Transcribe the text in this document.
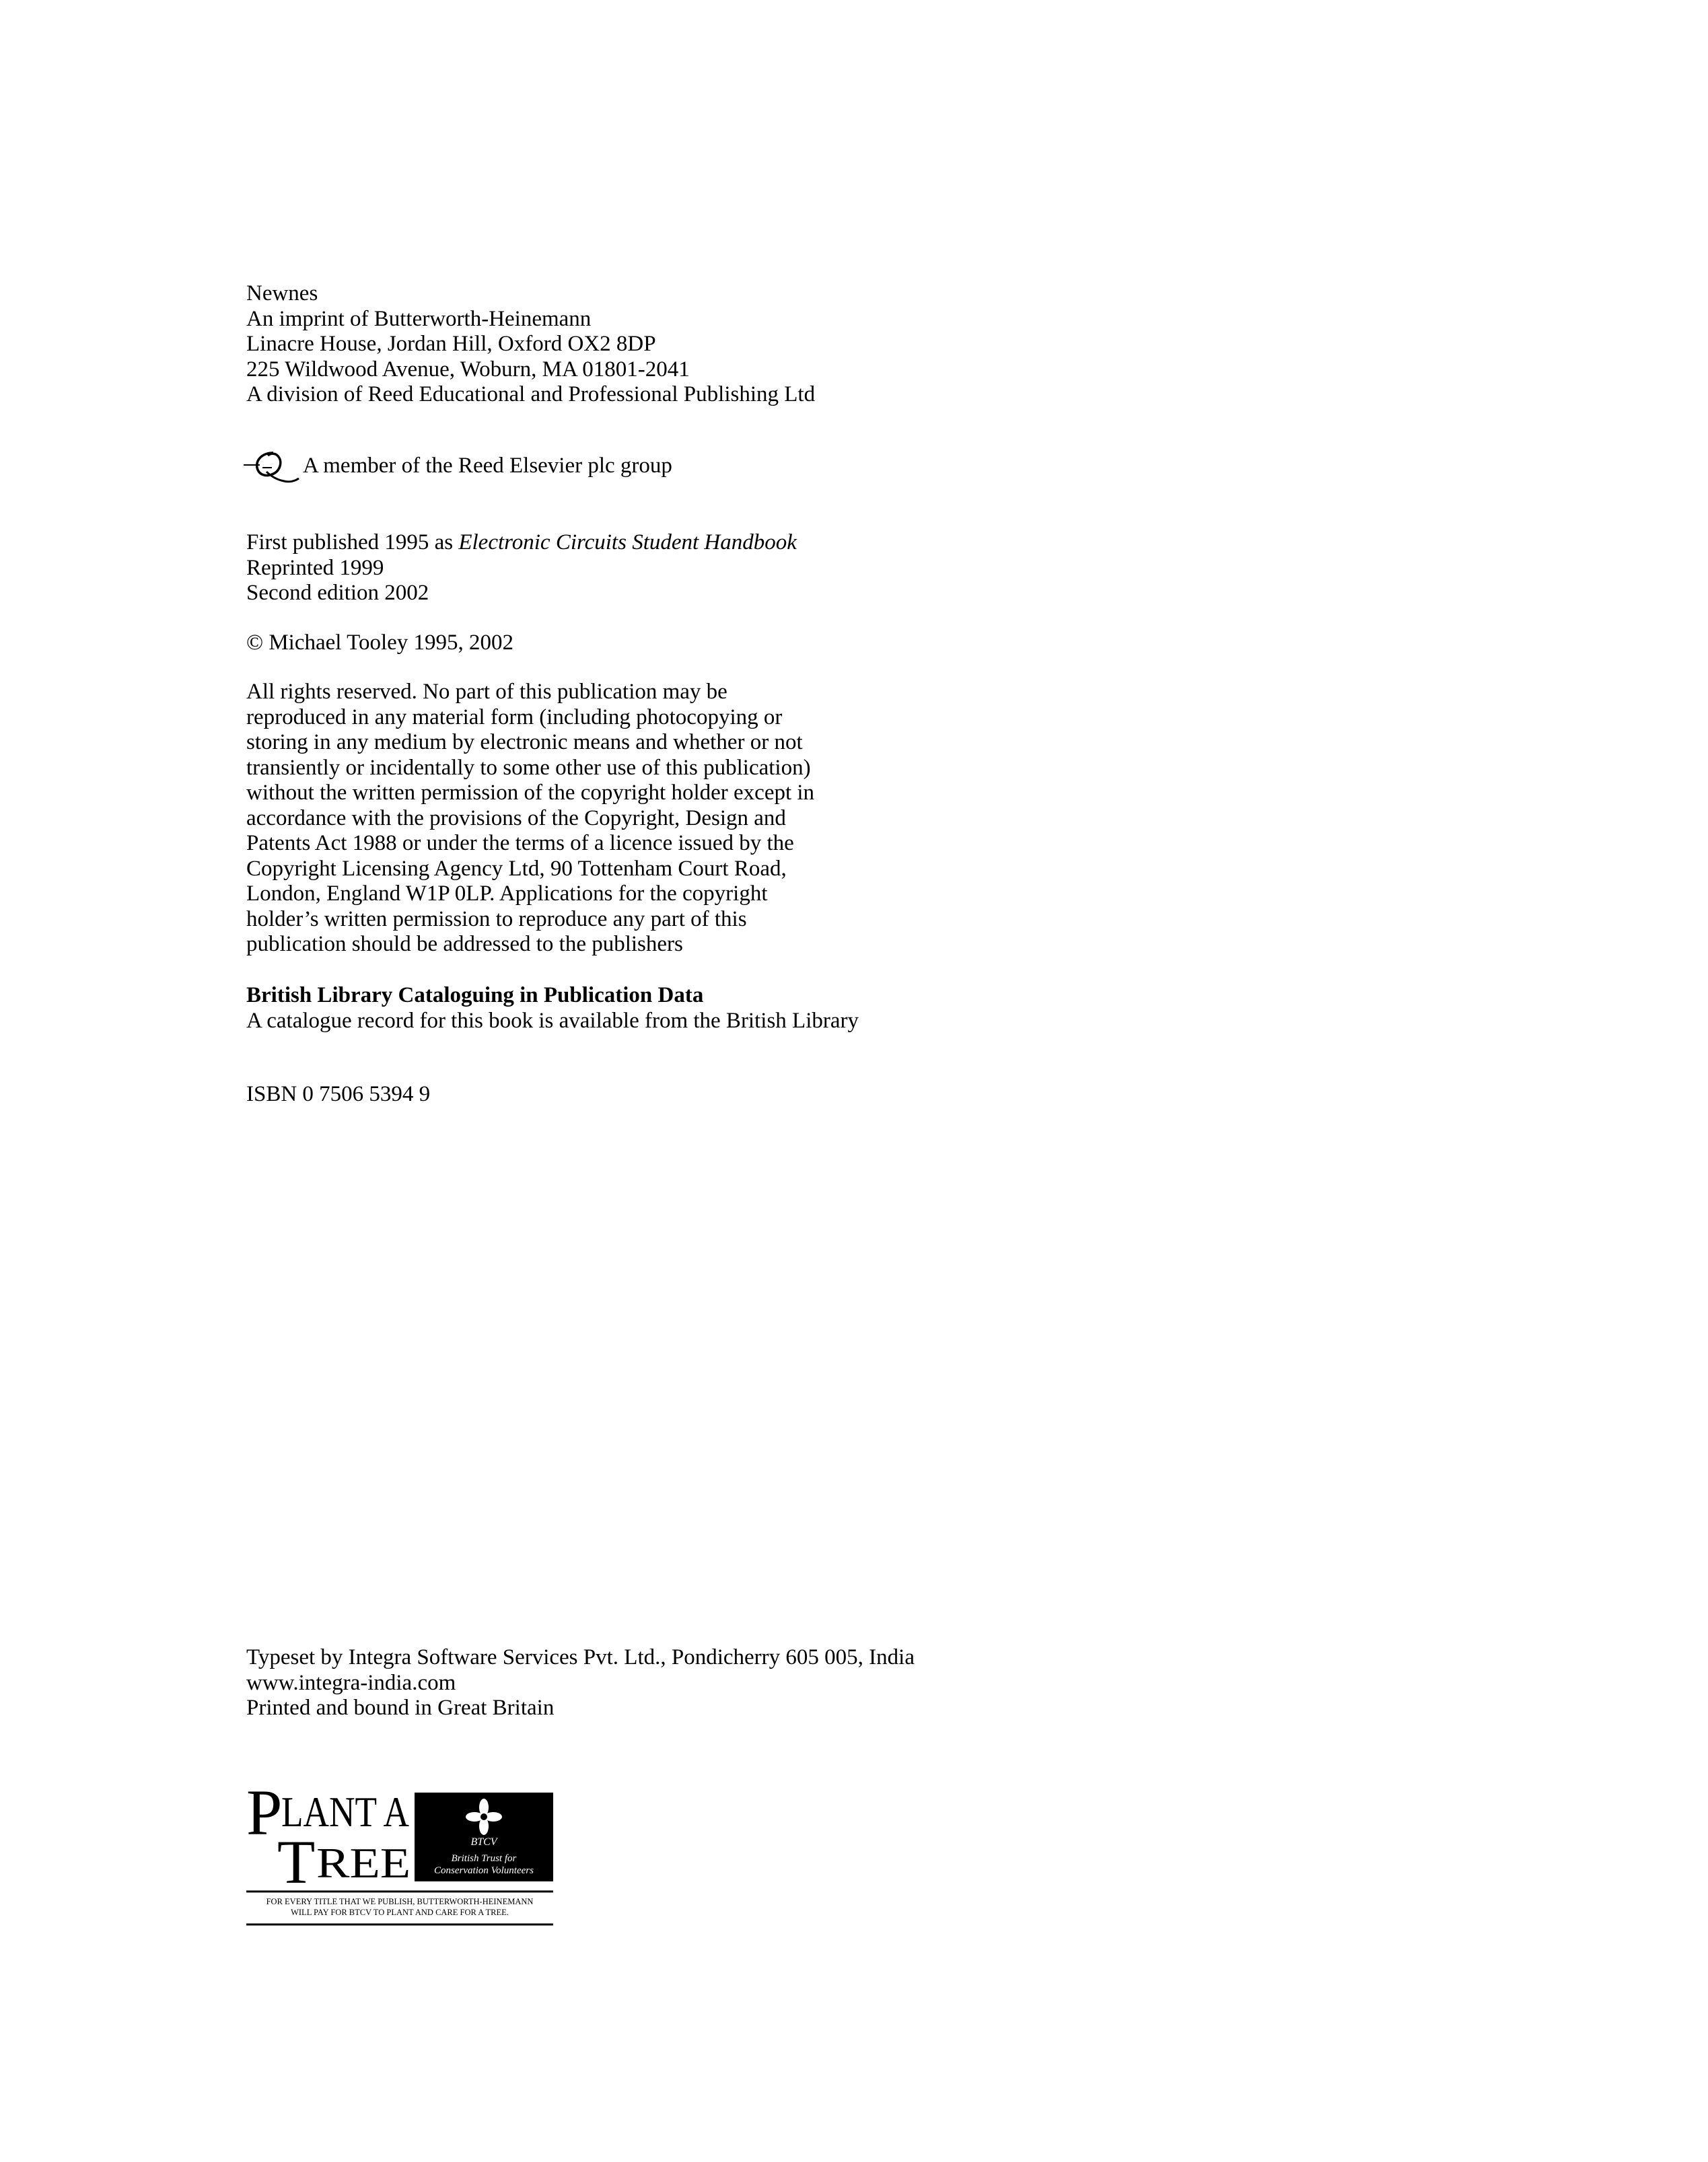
Newnes
An imprint of Butterworth-Heinemann
Linacre House, Jordan Hill, Oxford OX2 8DP
225 Wildwood Avenue, Woburn, MA 01801-2041
A division of Reed Educational and Professional Publishing Ltd
A member of the Reed Elsevier plc group
First published 1995 as Electronic Circuits Student Handbook
Reprinted 1999
Second edition 2002
© Michael Tooley 1995, 2002
All rights reserved. No part of this publication may be
reproduced in any material form (including photocopying or
storing in any medium by electronic means and whether or not
transiently or incidentally to some other use of this publication)
without the written permission of the copyright holder except in
accordance with the provisions of the Copyright, Design and
Patents Act 1988 or under the terms of a licence issued by the
Copyright Licensing Agency Ltd, 90 Tottenham Court Road,
London, England W1P 0LP. Applications for the copyright
holder’s written permission to reproduce any part of this
publication should be addressed to the publishers
British Library Cataloguing in Publication Data
A catalogue record for this book is available from the British Library
ISBN 0 7506 5394 9
Typeset by Integra Software Services Pvt. Ltd., Pondicherry 605 005, India
www.integra-india.com
Printed and bound in Great Britain
P
LANT A
T REE	BTCV
British Trust for
Conservation Volunteers
FOR EVERY TITLE THAT WE PUBLISH, BUTTERWORTH-HEINEMANN
WILL PAY FOR BTCV TO PLANT AND CARE FOR A TREE.
